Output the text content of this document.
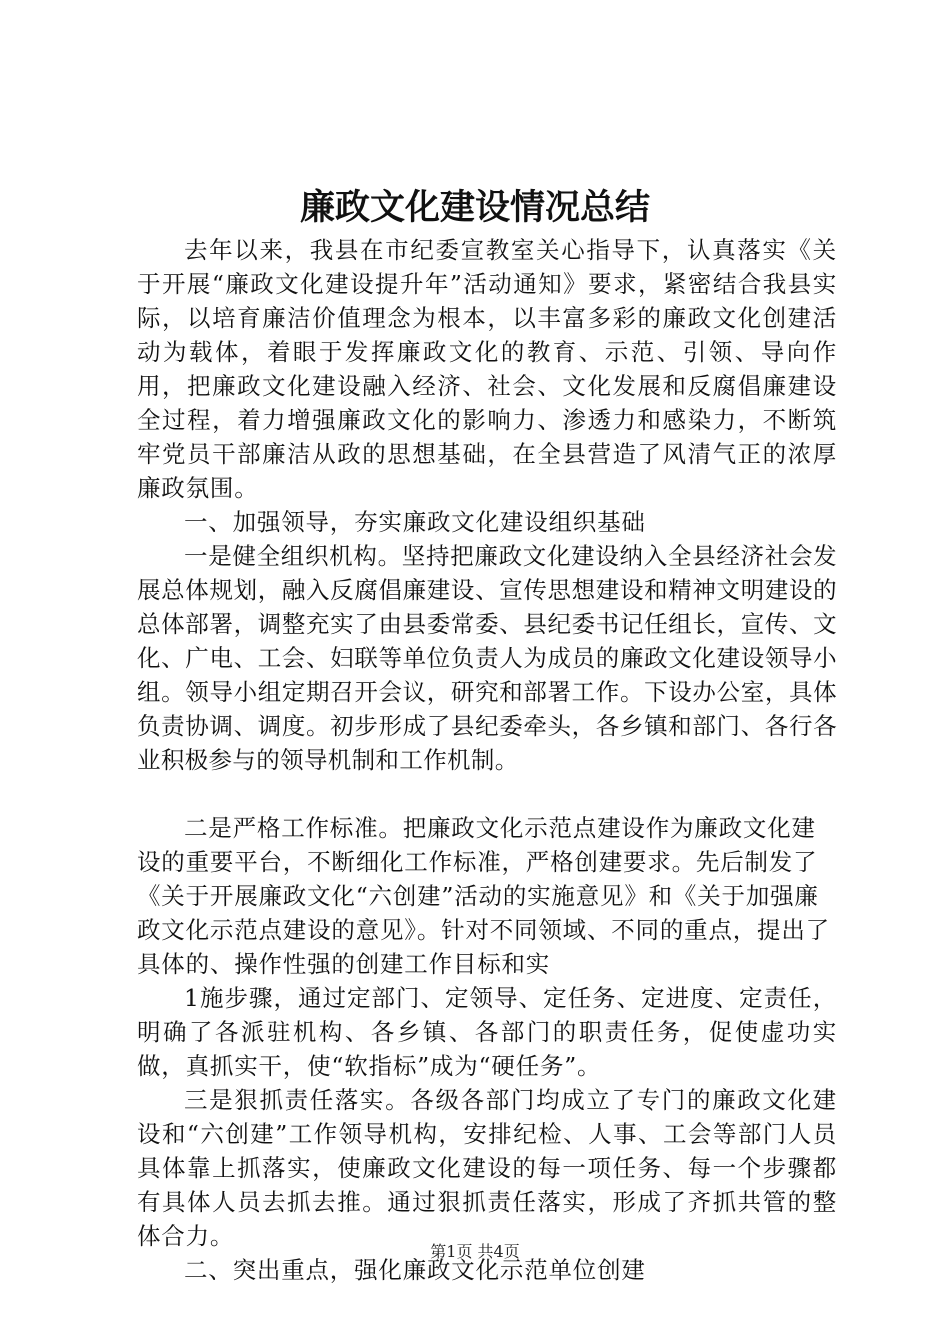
廉政文化建设情况总结

去年以来，我县在市纪委宣教室关心指导下，认真落实《关于开展“廉政文化建设提升年”活动通知》要求，紧密结合我县实际，以培育廉洁价值理念为根本，以丰富多彩的廉政文化创建活动为载体，着眼于发挥廉政文化的教育、示范、引领、导向作用，把廉政文化建设融入经济、社会、文化发展和反腐倡廉建设全过程，着力增强廉政文化的影响力、渗透力和感染力，不断筑牢党员干部廉洁从政的思想基础，在全县营造了风清气正的浓厚廉政氛围。

一、加强领导，夯实廉政文化建设组织基础

一是健全组织机构。坚持把廉政文化建设纳入全县经济社会发展总体规划，融入反腐倡廉建设、宣传思想建设和精神文明建设的总体部署，调整充实了由县委常委、县纪委书记任组长，宣传、文化、广电、工会、妇联等单位负责人为成员的廉政文化建设领导小组。领导小组定期召开会议，研究和部署工作。下设办公室，具体负责协调、调度。初步形成了县纪委牵头，各乡镇和部门、各行各业积极参与的领导机制和工作机制。

二是严格工作标准。把廉政文化示范点建设作为廉政文化建设的重要平台，不断细化工作标准，严格创建要求。先后制发了《关于开展廉政文化“六创建”活动的实施意见》和《关于加强廉政文化示范点建设的意见》。针对不同领域、不同的重点，提出了具体的、操作性强的创建工作目标和实

1施步骤，通过定部门、定领导、定任务、定进度、定责任，明确了各派驻机构、各乡镇、各部门的职责任务，促使虚功实做，真抓实干，使“软指标”成为“硬任务”。

三是狠抓责任落实。各级各部门均成立了专门的廉政文化建设和“六创建”工作领导机构，安排纪检、人事、工会等部门人员具体靠上抓落实，使廉政文化建设的每一项任务、每一个步骤都有具体人员去抓去推。通过狠抓责任落实，形成了齐抓共管的整体合力。

二、突出重点，强化廉政文化示范单位创建

第1页 共4页
